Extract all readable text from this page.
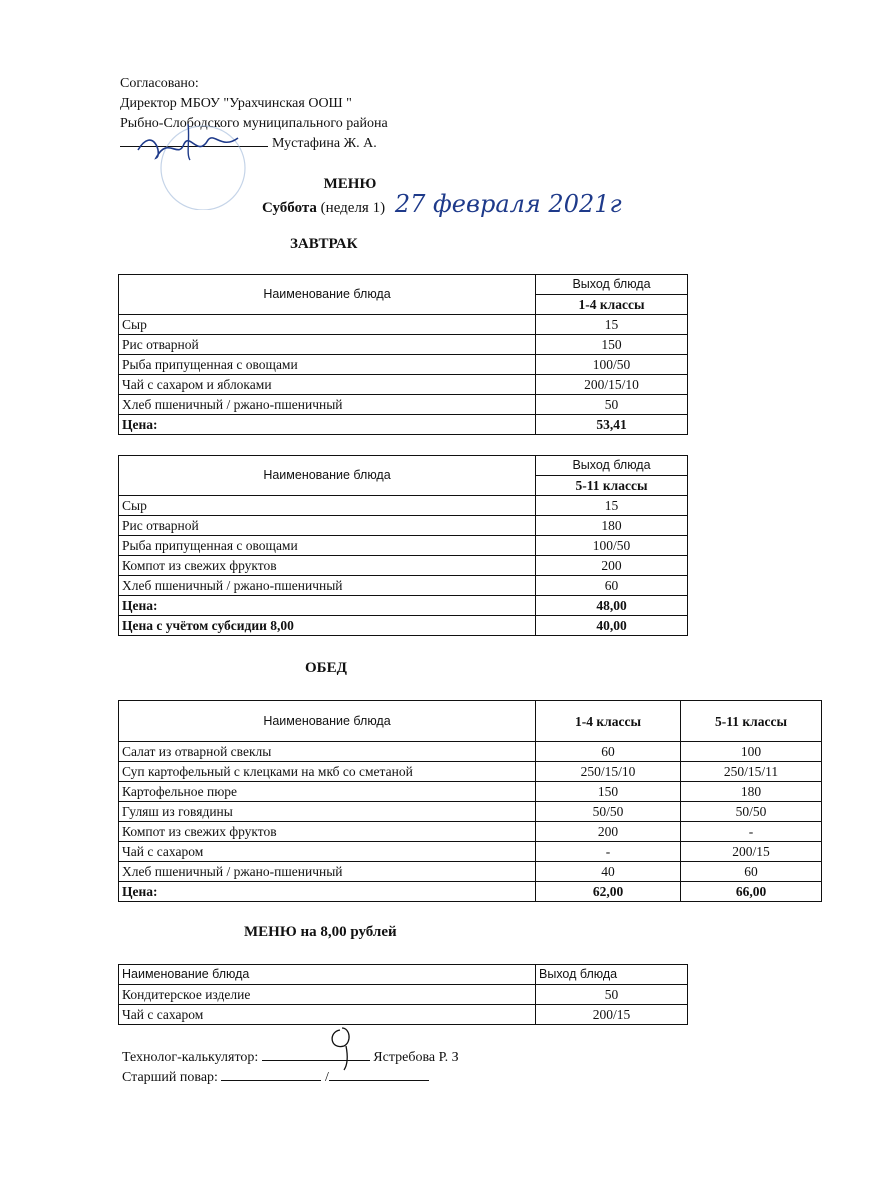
Согласовано:
Директор МБОУ "Урахчинская ООШ "
Рыбно-Слободского муниципального района
Мустафина Ж. А.
МЕНЮ
Суббота (неделя 1) 27 февраля 2021г
ЗАВТРАК
Наименование блюда	Выход блюда
	1-4 классы
Сыр	15
Рис отварной	150
Рыба припущенная с овощами	100/50
Чай с сахаром и яблоками	200/15/10
Хлеб пшеничный / ржано-пшеничный	50
Цена:	53,41
Наименование блюда	Выход блюда
	5-11 классы
Сыр	15
Рис отварной	180
Рыба припущенная с овощами	100/50
Компот из свежих фруктов	200
Хлеб пшеничный / ржано-пшеничный	60
Цена:	48,00
Цена с учётом субсидии 8,00	40,00
ОБЕД
Наименование блюда	1-4 классы	5-11 классы
Салат из отварной свеклы	60	100
Суп картофельный с клецками на мкб со сметаной	250/15/10	250/15/11
Картофельное пюре	150	180
Гуляш из говядины	50/50	50/50
Компот из свежих фруктов	200	-
Чай с сахаром	-	200/15
Хлеб пшеничный / ржано-пшеничный	40	60
Цена:	62,00	66,00
МЕНЮ на 8,00 рублей
Наименование блюда	Выход блюда
Кондитерское изделие	50
Чай с сахаром	200/15
Технолог-калькулятор:	Ястребова Р. З
Старший повар:	/
